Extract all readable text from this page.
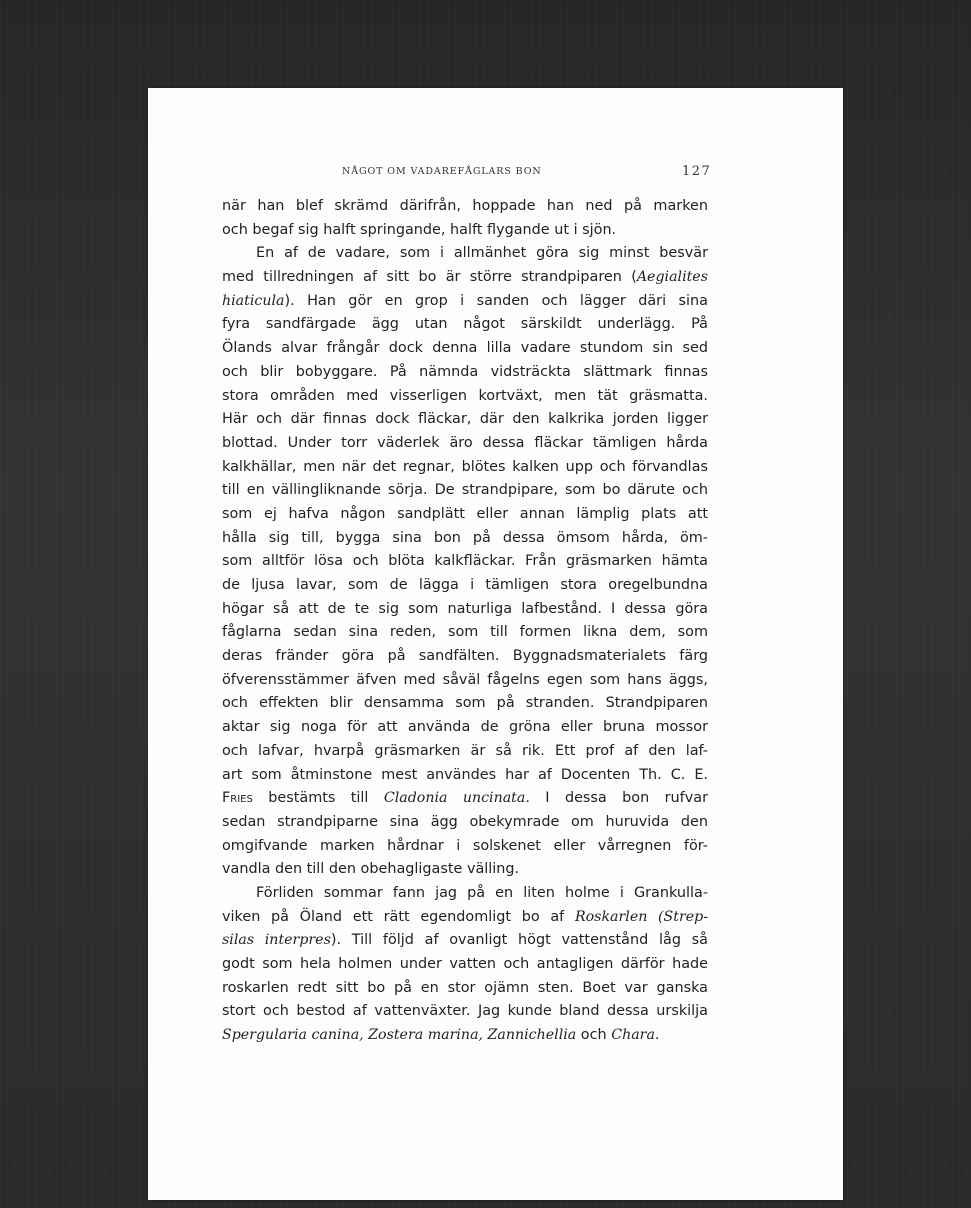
NÅGOT OM VADAREFÅGLARS BON	127
när han blef skrämd därifrån, hoppade han ned på marken
och begaf sig halft springande, halft flygande ut i sjön.
En af de vadare, som i allmänhet göra sig minst besvär
med tillredningen af sitt bo är större strandpiparen (Aegialites
hiaticula). Han gör en grop i sanden och lägger däri sina
fyra sandfärgade ägg utan något särskildt underlägg. På
Ölands alvar frångår dock denna lilla vadare stundom sin sed
och blir bobyggare. På nämnda vidsträckta slättmark finnas
stora områden med visserligen kortväxt, men tät gräsmatta.
Här och där finnas dock fläckar, där den kalkrika jorden ligger
blottad. Under torr väderlek äro dessa fläckar tämligen hårda
kalkhällar, men när det regnar, blötes kalken upp och förvandlas
till en vällingliknande sörja. De strandpipare, som bo därute och
som ej hafva någon sandplätt eller annan lämplig plats att
hålla sig till, bygga sina bon på dessa ömsom hårda, öm-
som alltför lösa och blöta kalkfläckar. Från gräsmarken hämta
de ljusa lavar, som de lägga i tämligen stora oregelbundna
högar så att de te sig som naturliga lafbestånd. I dessa göra
fåglarna sedan sina reden, som till formen likna dem, som
deras fränder göra på sandfälten. Byggnadsmaterialets färg
öfverensstämmer äfven med såväl fågelns egen som hans äggs,
och effekten blir densamma som på stranden. Strandpiparen
aktar sig noga för att använda de gröna eller bruna mossor
och lafvar, hvarpå gräsmarken är så rik. Ett prof af den laf-
art som åtminstone mest användes har af Docenten Th. C. E.
Fries bestämts till Cladonia uncinata. I dessa bon rufvar
sedan strandpiparne sina ägg obekymrade om huruvida den
omgifvande marken hårdnar i solskenet eller vårregnen för-
vandla den till den obehagligaste välling.
Förliden sommar fann jag på en liten holme i Grankulla-
viken på Öland ett rätt egendomligt bo af Roskarlen (Strep-
silas interpres). Till följd af ovanligt högt vattenstånd låg så
godt som hela holmen under vatten och antagligen därför hade
roskarlen redt sitt bo på en stor ojämn sten. Boet var ganska
stort och bestod af vattenväxter. Jag kunde bland dessa urskilja
Spergularia canina, Zostera marina, Zannichellia och Chara.
